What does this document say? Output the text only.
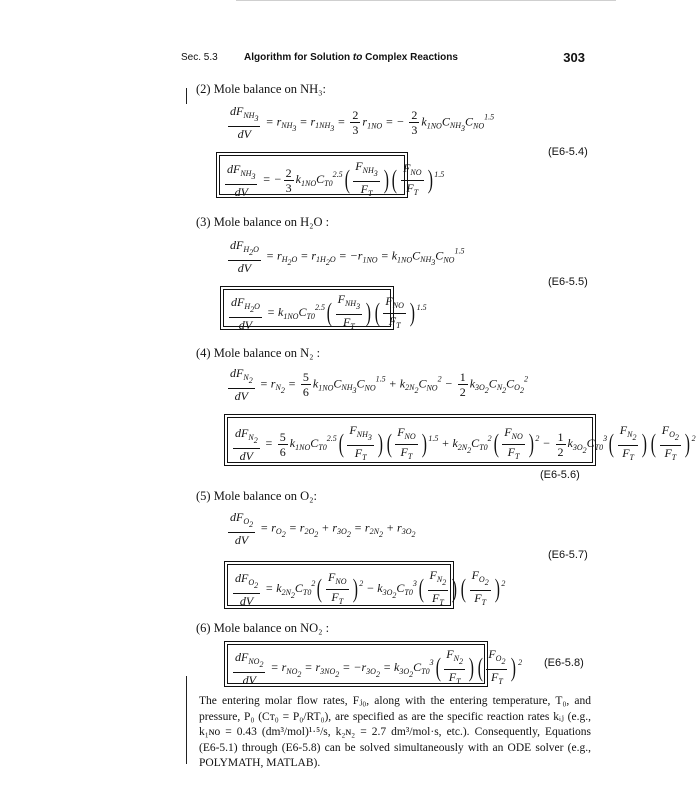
Sec. 5.3	Algorithm for Solution to Complex Reactions	303
(2) Mole balance on NH₃:
$\frac{dF_{NH_3}}{dV} = r_{NH_3} = r_{1NH_3} = \frac{2}{3} r_{1NO}$ = − $\frac{2}{3} k_{1NO}C_{NH_3}C_{NO}^{1.5}$
(E6-5.4)
$\frac{dF_{NH_3}}{dV}$ = − $\frac{2}{3} k_{1NO}C_{T0}^{2.5}( \frac{F_{NH_3}}{F_T}$ ) ( $\frac{F_{NO}}{F_T}$ ) $^{1.5}$
(3) Mole balance on H₂O :
$\frac{dF_{H_2O}}{dV} = r_{H_2O} = r_{1H_2O} = -r_{1NO} = k_{1NO}C_{NH_3}C_{NO}^{1.5}$
(E6-5.5)
$\frac{dF_{H_2O}}{dV} = k_{1NO}C_{T0}^{2.5}( \frac{F_{NH_3}}{F_T}$ ) ( $\frac{F_{NO}}{F_T}$ ) $^{1.5}$
(4) Mole balance on N₂ :
$\frac{dF_{N_2}}{dV} = r_{N_2} = \frac{5}{6} k_{1NO}C_{NH_3}C_{NO}^{1.5} + k_{2N_2}C_{NO}^2 - \frac{1}{2} k_{3O_2}C_{N_2}C_{O_2}^2$
$\frac{dF_{N_2}}{dV} = \frac{5}{6} k_{1NO}C_{T0}^{2.5}( \frac{F_{NH_3}}{F_T}$ ) ( $\frac{F_{NO}}{F_T}$ ) $^{1.5} + k_{2N_2}C_{T0}^2( \frac{F_{NO}}{F_T}$ ) $^2 - \frac{1}{2} k_{3O_2}C_{T0}^3( \frac{F_{N_2}}{F_T}$ ) ( $\frac{F_{O_2}}{F_T}$ ) $^2$
(E6-5.6)
(5) Mole balance on O₂:
$\frac{dF_{O_2}}{dV} = r_{O_2} = r_{2O_2} + r_{3O_2} = r_{2N_2} + r_{3O_2}$
(E6-5.7)
$\frac{dF_{O_2}}{dV} = k_{2N_2}C_{T0}^2( \frac{F_{NO}}{F_T}$ ) $^2 - k_{3O_2}C_{T0}^3( \frac{F_{N_2}}{F_T}$ ) ( $\frac{F_{O_2}}{F_T}$ ) $^2$
(6) Mole balance on NO₂ :
$\frac{dF_{NO_2}}{dV} = r_{NO_2} = r_{3NO_2} = -r_{3O_2} = k_{3O_2}C_{T0}^3( \frac{F_{N_2}}{F_T}$ ) ( $\frac{F_{O_2}}{F_T}$ ) $^2$ (E6-5.8)
The entering molar flow rates, Fⱼ₀, along with the entering temperature, T₀, and pressure, P₀ (Cᴛ₀ = P₀/RT₀), are specified as are the specific reaction rates kᵢⱼ (e.g., k₁ɴᴏ = 0.43 (dm³/mol)¹·⁵/s, k₂ɴ₂ = 2.7 dm³/mol·s, etc.). Consequently, Equations (E6-5.1) through (E6-5.8) can be solved simultaneously with an ODE solver (e.g., POLYMATH, MATLAB).
